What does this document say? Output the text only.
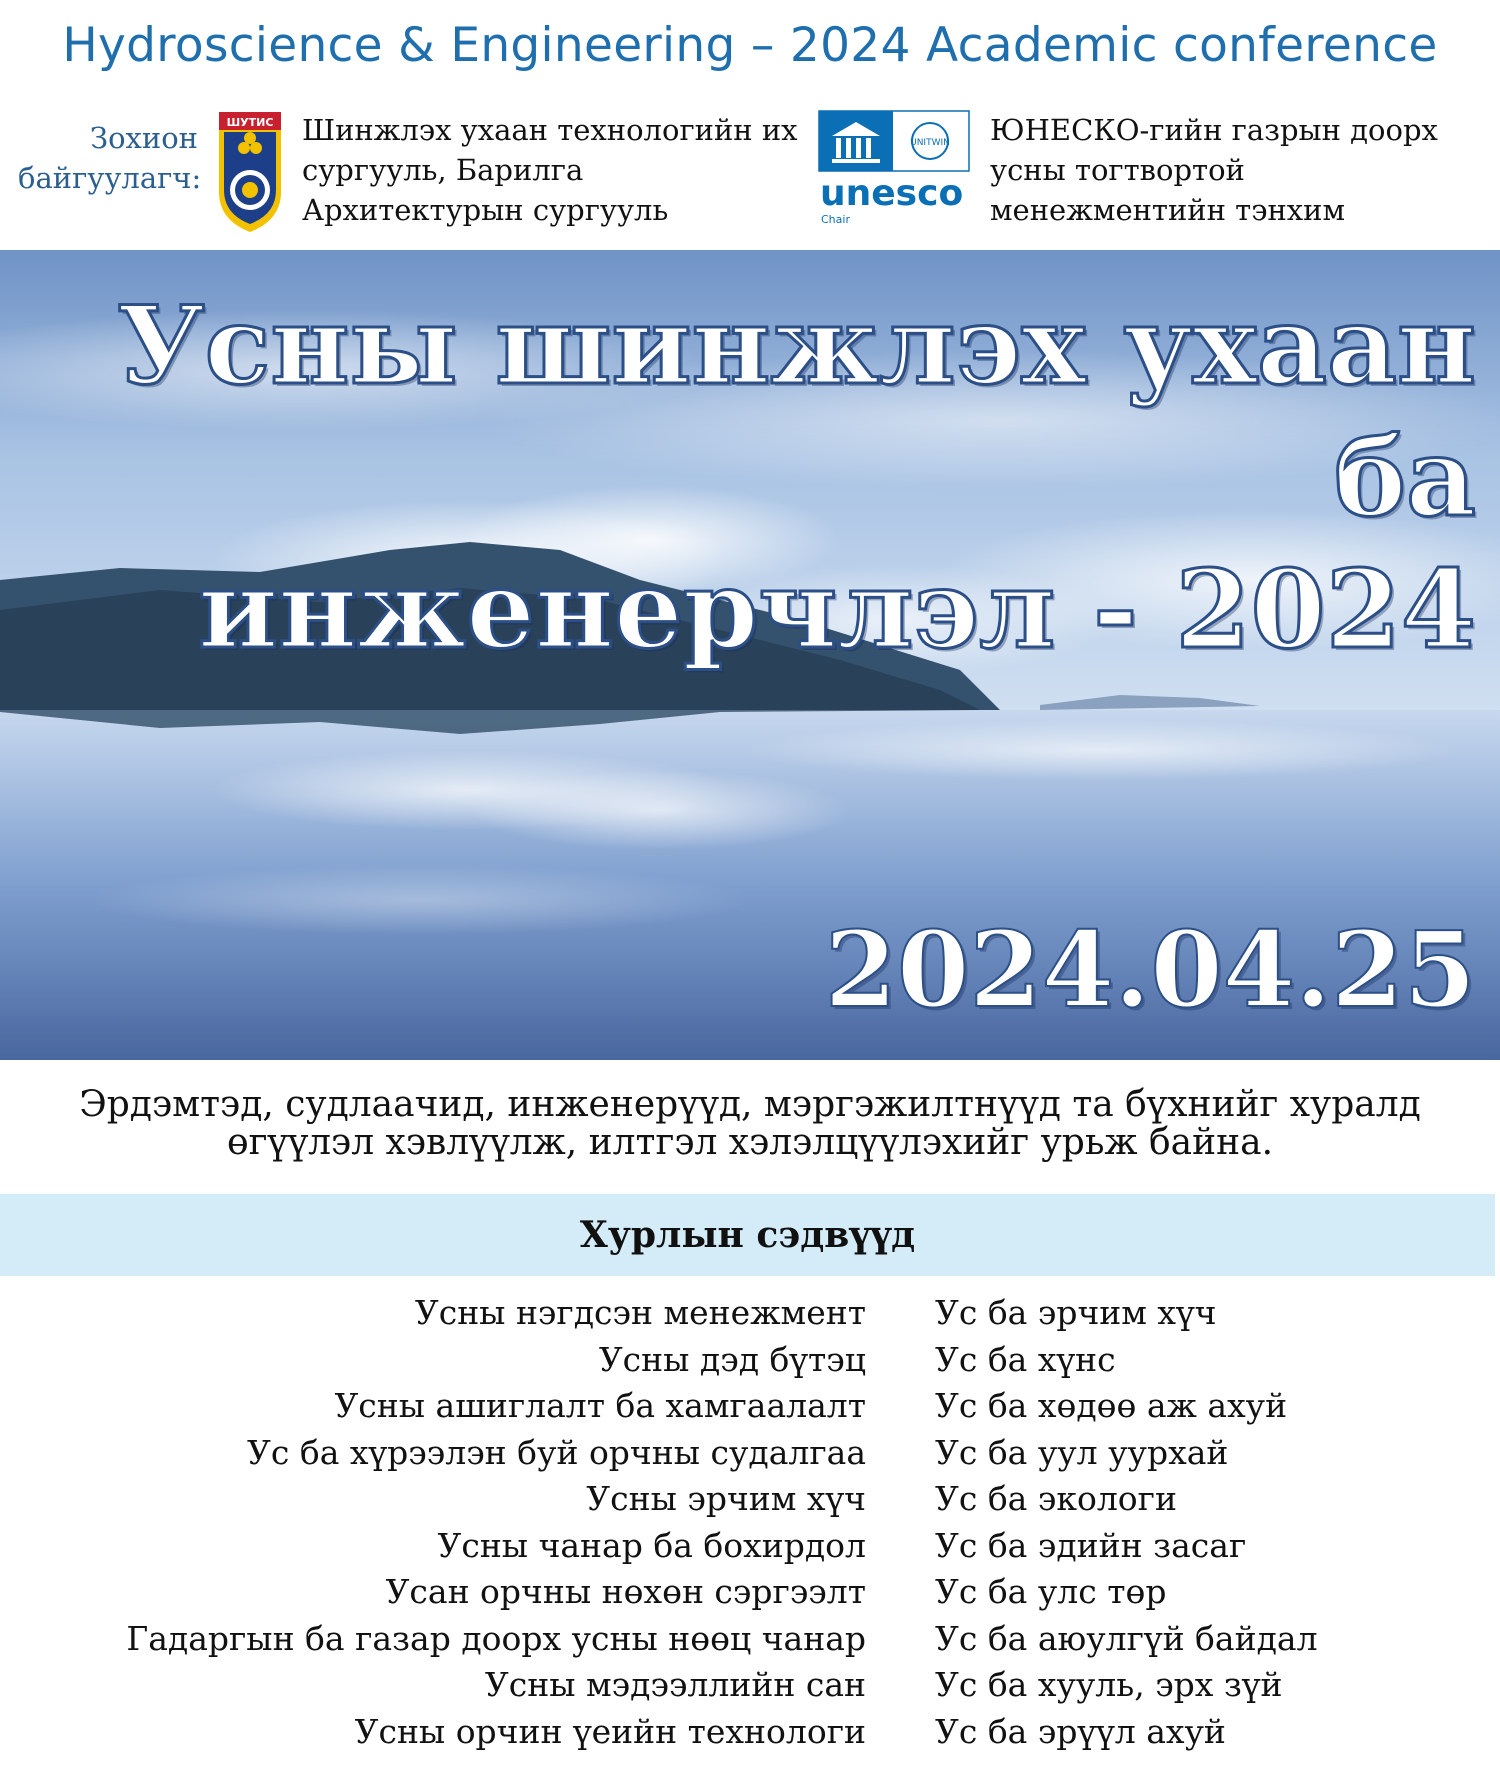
Hydroscience & Engineering – 2024 Academic conference
Зохион
байгуулагч:
ШУТИС Шинжлэх ухаан технологийн их
сургууль, Барилга
Архитектурын сургууль
UNITWIN
unesco
Chair
ЮНЕСКО-гийн газрын доорх
усны тогтвортой
менежментийн тэнхим
Усны шинжлэх ухаан ба
инженерчлэл - 2024
2024.04.25
Эрдэмтэд, судлаачид, инженерүүд, мэргэжилтнүүд та бүхнийг хуралд
өгүүлэл хэвлүүлж, илтгэл хэлэлцүүлэхийг урьж байна.
Хурлын сэдвүүд
Усны нэгдсэн менежмент
Усны дэд бүтэц
Усны ашиглалт ба хамгаалалт
Ус ба хүрээлэн буй орчны судалгаа
Усны эрчим хүч
Усны чанар ба бохирдол
Усан орчны нөхөн сэргээлт
Гадаргын ба газар доорх усны нөөц чанар
Усны мэдээллийн сан
Усны орчин үеийн технологи
Ус ба эрчим хүч
Ус ба хүнс
Ус ба хөдөө аж ахуй
Ус ба уул уурхай
Ус ба экологи
Ус ба эдийн засаг
Ус ба улс төр
Ус ба аюулгүй байдал
Ус ба хууль, эрх зүй
Ус ба эрүүл ахуй
